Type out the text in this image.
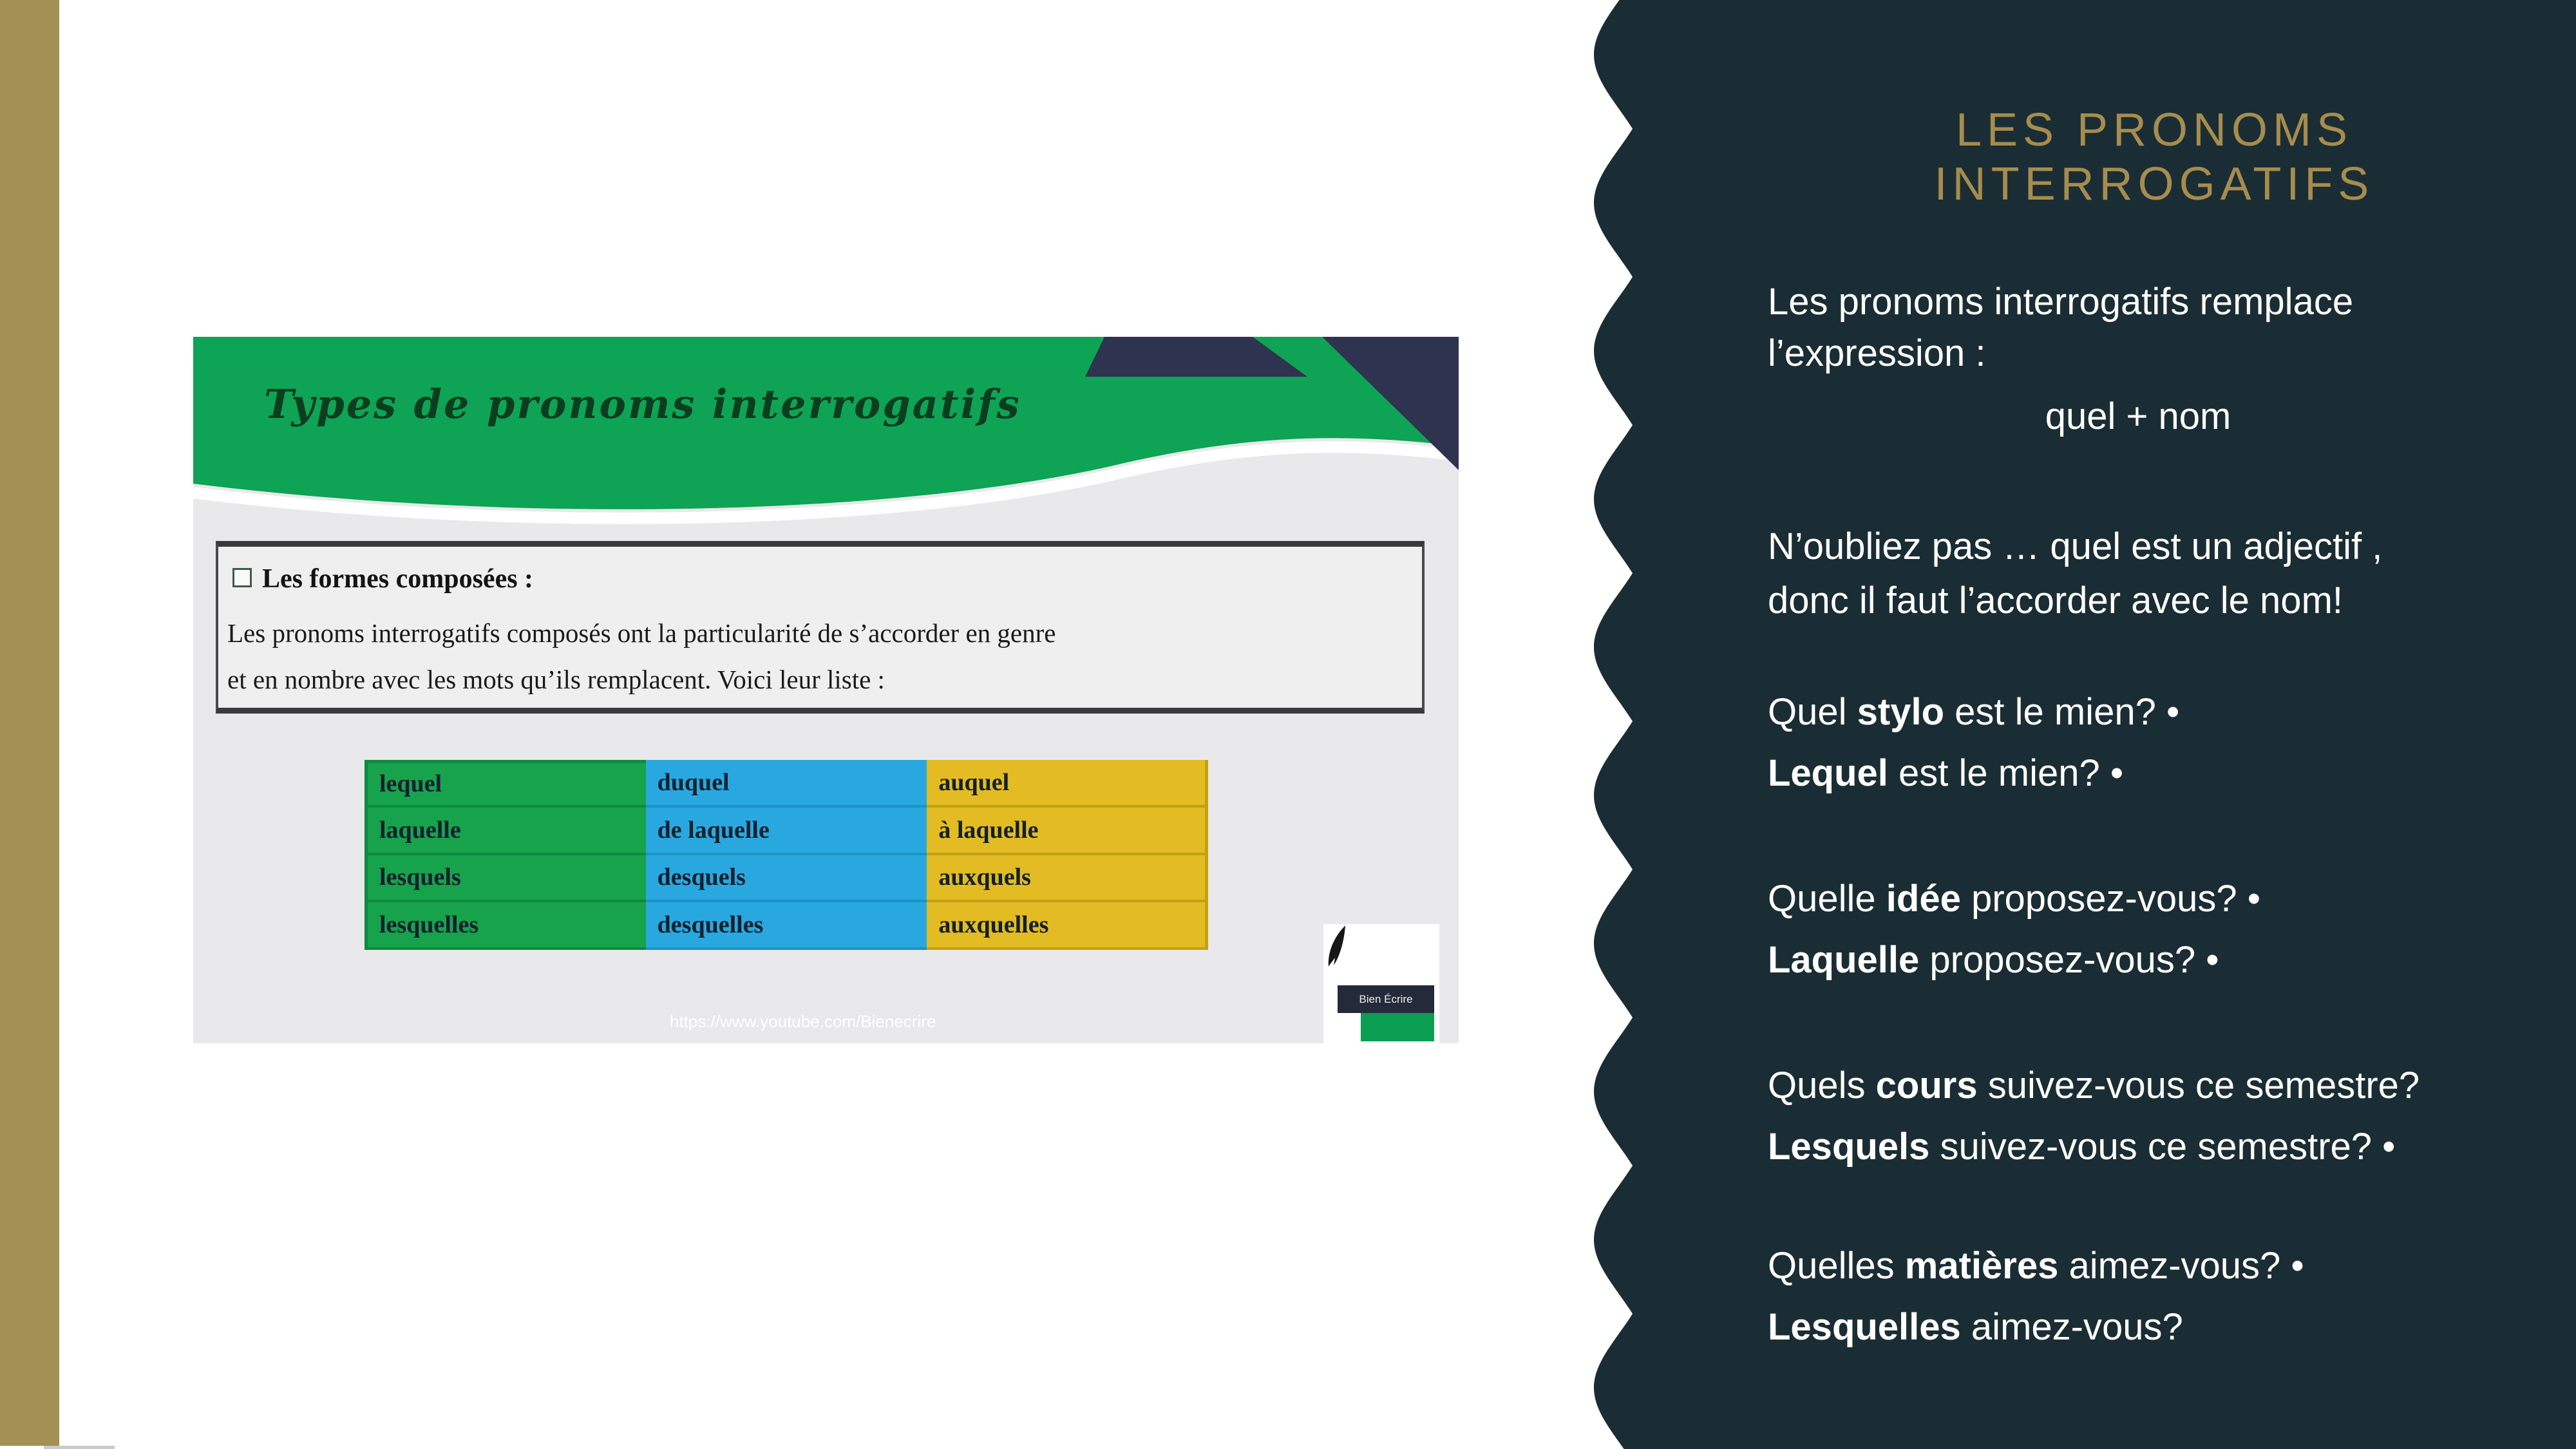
Types de pronoms interrogatifs
Les formes composées :
Les pronoms interrogatifs composés ont la particularité de s’accorder en genre
et en nombre avec les mots qu’ils remplacent. Voici leur liste :
lequel	duquel	auquel
laquelle	de laquelle	à laquelle
lesquels	desquels	auxquels
lesquelles	desquelles	auxquelles
https://www.youtube.com/Bienecrire
Bien Écrire
LES PRONOMS
INTERROGATIFS
Les pronoms interrogatifs remplace
l’expression :
quel + nom
N’oubliez pas … quel est un adjectif ,
donc il faut l’accorder avec le nom!
Quel stylo est le mien? •
Lequel est le mien? •
Quelle idée proposez-vous? •
Laquelle proposez-vous? •
Quels cours suivez-vous ce semestre?
Lesquels suivez-vous ce semestre? •
Quelles matières aimez-vous? •
Lesquelles aimez-vous?
